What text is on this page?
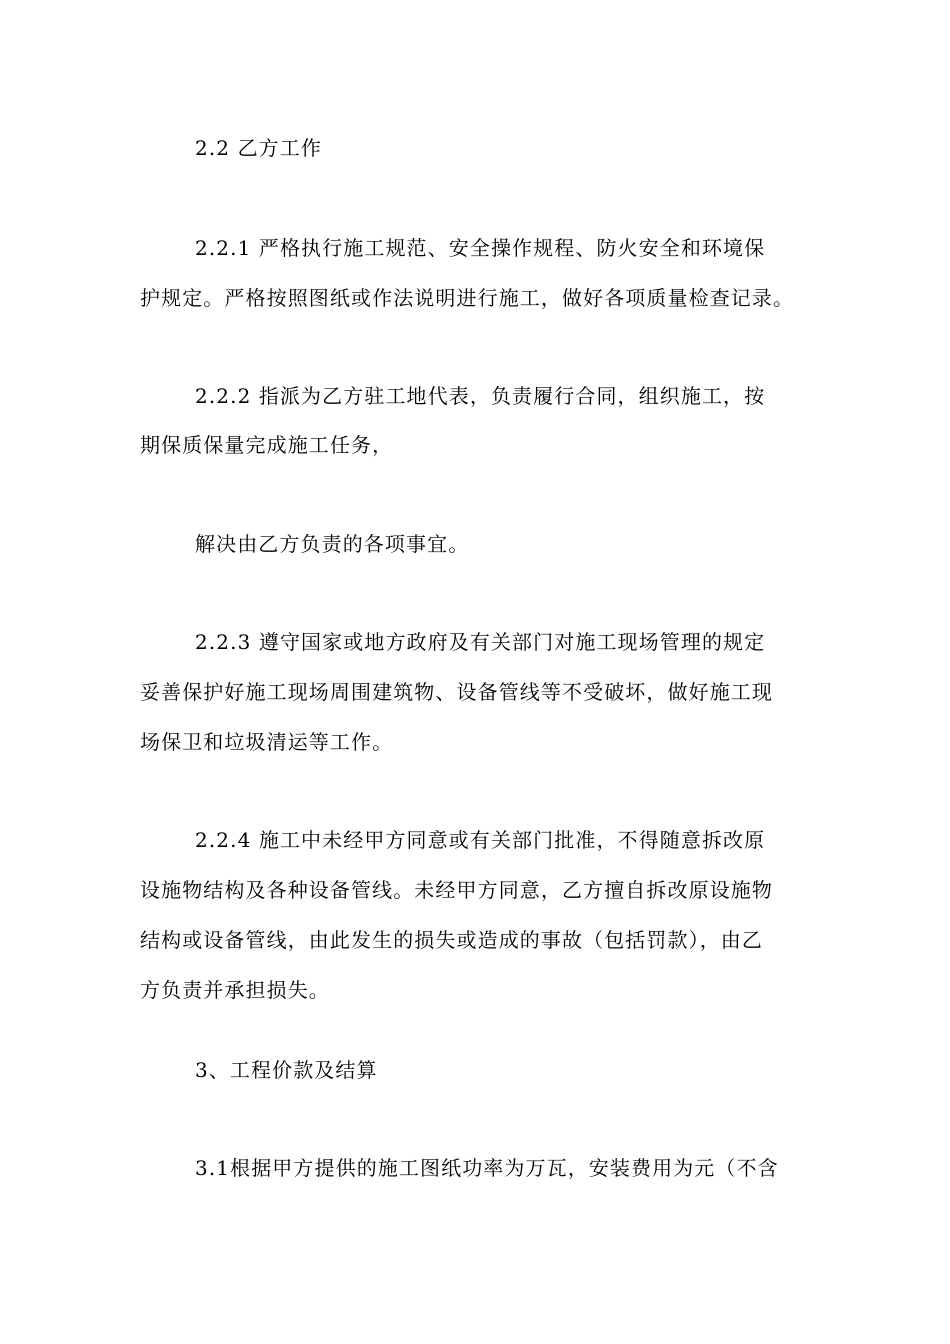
2.2 乙方工作
2.2.1 严格执行施工规范、安全操作规程、防火安全和环境保
护规定。严格按照图纸或作法说明进行施工，做好各项质量检查记录。
2.2.2 指派为乙方驻工地代表，负责履行合同，组织施工，按
期保质保量完成施工任务，
解决由乙方负责的各项事宜。
2.2.3 遵守国家或地方政府及有关部门对施工现场管理的规定
妥善保护好施工现场周围建筑物、设备管线等不受破坏，做好施工现
场保卫和垃圾清运等工作。
2.2.4 施工中未经甲方同意或有关部门批准，不得随意拆改原
设施物结构及各种设备管线。未经甲方同意，乙方擅自拆改原设施物
结构或设备管线，由此发生的损失或造成的事故（包括罚款），由乙
方负责并承担损失。
3、工程价款及结算
3.1根据甲方提供的施工图纸功率为万瓦，安装费用为元（不含
